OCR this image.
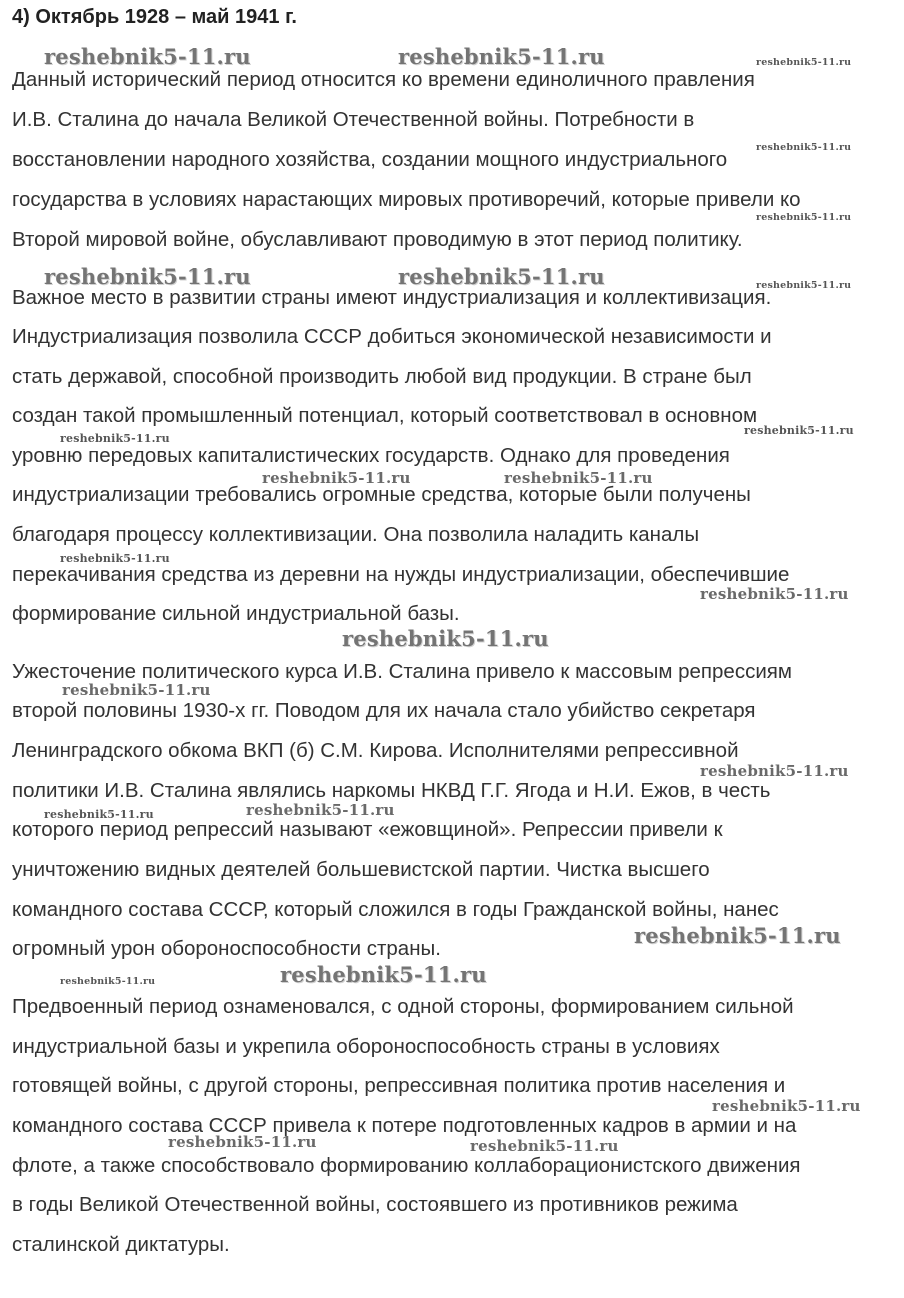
4) Октябрь 1928 – май 1941 г.
Данный исторический период относится ко времени единоличного правления
И.В. Сталина до начала Великой Отечественной войны. Потребности в
восстановлении народного хозяйства, создании мощного индустриального
государства в условиях нарастающих мировых противоречий, которые привели ко
Второй мировой войне, обуславливают проводимую в этот период политику.
Важное место в развитии страны имеют индустриализация и коллективизация.
Индустриализация позволила СССР добиться экономической независимости и
стать державой, способной производить любой вид продукции. В стране был
создан такой промышленный потенциал, который соответствовал в основном
уровню передовых капиталистических государств. Однако для проведения
индустриализации требовались огромные средства, которые были получены
благодаря процессу коллективизации. Она позволила наладить каналы
перекачивания средства из деревни на нужды индустриализации, обеспечившие
формирование сильной индустриальной базы.
Ужесточение политического курса И.В. Сталина привело к массовым репрессиям
второй половины 1930-х гг. Поводом для их начала стало убийство секретаря
Ленинградского обкома ВКП (б) С.М. Кирова. Исполнителями репрессивной
политики И.В. Сталина являлись наркомы НКВД Г.Г. Ягода и Н.И. Ежов, в честь
которого период репрессий называют «ежовщиной». Репрессии привели к
уничтожению видных деятелей большевистской партии. Чистка высшего
командного состава СССР, который сложился в годы Гражданской войны, нанес
огромный урон обороноспособности страны.
Предвоенный период ознаменовался, с одной стороны, формированием сильной
индустриальной базы и укрепила обороноспособность страны в условиях
готовящей войны, с другой стороны, репрессивная политика против населения и
командного состава СССР привела к потере подготовленных кадров в армии и на
флоте, а также способствовало формированию коллаборационистского движения
в годы Великой Отечественной войны, состоявшего из противников режима
сталинской диктатуры.
reshebnik5-11.ru	reshebnik5-11.ru	reshebnik5-11.ru
reshebnik5-11.ru
reshebnik5-11.ru
reshebnik5-11.ru	reshebnik5-11.ru	reshebnik5-11.ru
reshebnik5-11.ru
reshebnik5-11.ru
reshebnik5-11.ru	reshebnik5-11.ru
reshebnik5-11.ru
reshebnik5-11.ru
reshebnik5-11.ru
reshebnik5-11.ru
reshebnik5-11.ru
reshebnik5-11.ru
reshebnik5-11.ru
reshebnik5-11.ru
reshebnik5-11.ru
reshebnik5-11.ru
reshebnik5-11.ru
reshebnik5-11.ru	reshebnik5-11.ru
